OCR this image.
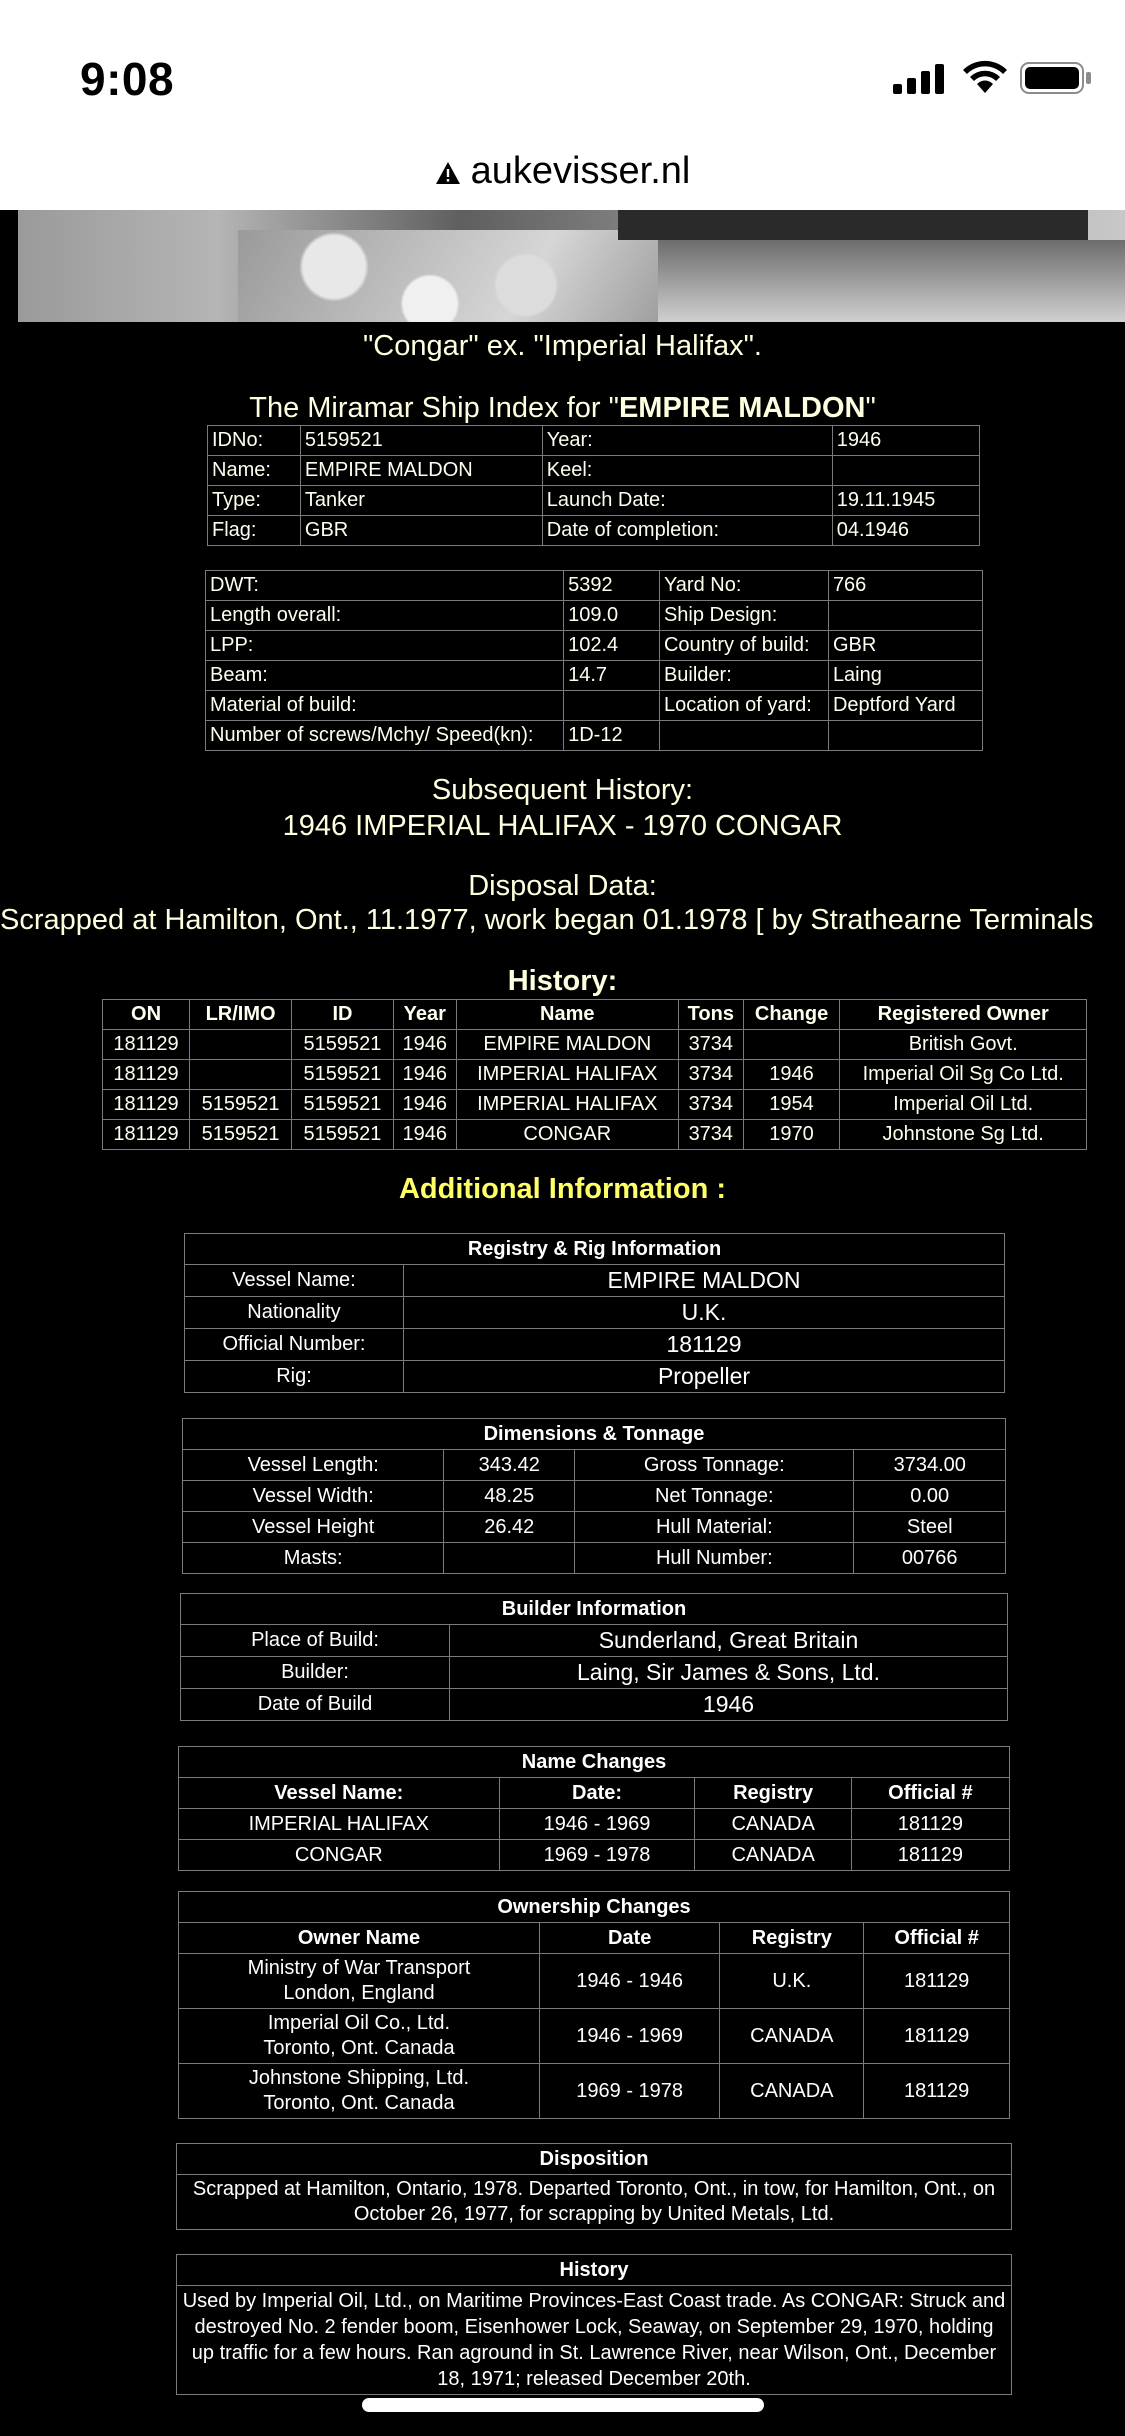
9:08
aukevisser.nl
"Congar" ex. "Imperial Halifax".
The Miramar Ship Index for "EMPIRE MALDON"
IDNo:	5159521	Year:	1946
Name:	EMPIRE MALDON	Keel:	
Type:	Tanker	Launch Date:	19.11.1945
Flag:	GBR	Date of completion:	04.1946
DWT:	5392	Yard No:	766
Length overall:	109.0	Ship Design:	
LPP:	102.4	Country of build:	GBR
Beam:	14.7	Builder:	Laing
Material of build:		Location of yard:	Deptford Yard
Number of screws/Mchy/ Speed(kn):	1D-12		
Subsequent History:
1946 IMPERIAL HALIFAX - 1970 CONGAR
Disposal Data:
Scrapped at Hamilton, Ont., 11.1977, work began 01.1978 [ by Strathearne Terminals
History:
ON	LR/IMO	ID	Year	Name	Tons	Change	Registered Owner
181129		5159521	1946	EMPIRE MALDON	3734		British Govt.
181129		5159521	1946	IMPERIAL HALIFAX	3734	1946	Imperial Oil Sg Co Ltd.
181129	5159521	5159521	1946	IMPERIAL HALIFAX	3734	1954	Imperial Oil Ltd.
181129	5159521	5159521	1946	CONGAR	3734	1970	Johnstone Sg Ltd.
Additional Information :
Registry & Rig Information	
Vessel Name:	EMPIRE MALDON
Nationality	U.K.
Official Number:	181129
Rig:	Propeller
Dimensions & Tonnage			
Vessel Length:	343.42	Gross Tonnage:	3734.00
Vessel Width:	48.25	Net Tonnage:	0.00
Vessel Height	26.42	Hull Material:	Steel
Masts:		Hull Number:	00766
Builder Information	
Place of Build:	Sunderland, Great Britain
Builder:	Laing, Sir James & Sons, Ltd.
Date of Build	1946
Name Changes			
Vessel Name:	Date:	Registry	Official #
IMPERIAL HALIFAX	1946 - 1969	CANADA	181129
CONGAR	1969 - 1978	CANADA	181129
Ownership Changes			
Owner Name	Date	Registry	Official #

Ministry of War Transport
London, England	1946 - 1946	U.K.	181129

Imperial Oil Co., Ltd.
Toronto, Ont. Canada	1946 - 1969	CANADA	181129

Johnstone Shipping, Ltd.
Toronto, Ont. Canada	1969 - 1978	CANADA	181129
Disposition
Scrapped at Hamilton, Ontario, 1978. Departed Toronto, Ont., in tow, for Hamilton, Ont., on October 26, 1977, for scrapping by United Metals, Ltd.
History
Used by Imperial Oil, Ltd., on Maritime Provinces-East Coast trade. As CONGAR: Struck and destroyed No. 2 fender boom, Eisenhower Lock, Seaway, on September 29, 1970, holding up traffic for a few hours. Ran aground in St. Lawrence River, near Wilson, Ont., December 18, 1971; released December 20th.
